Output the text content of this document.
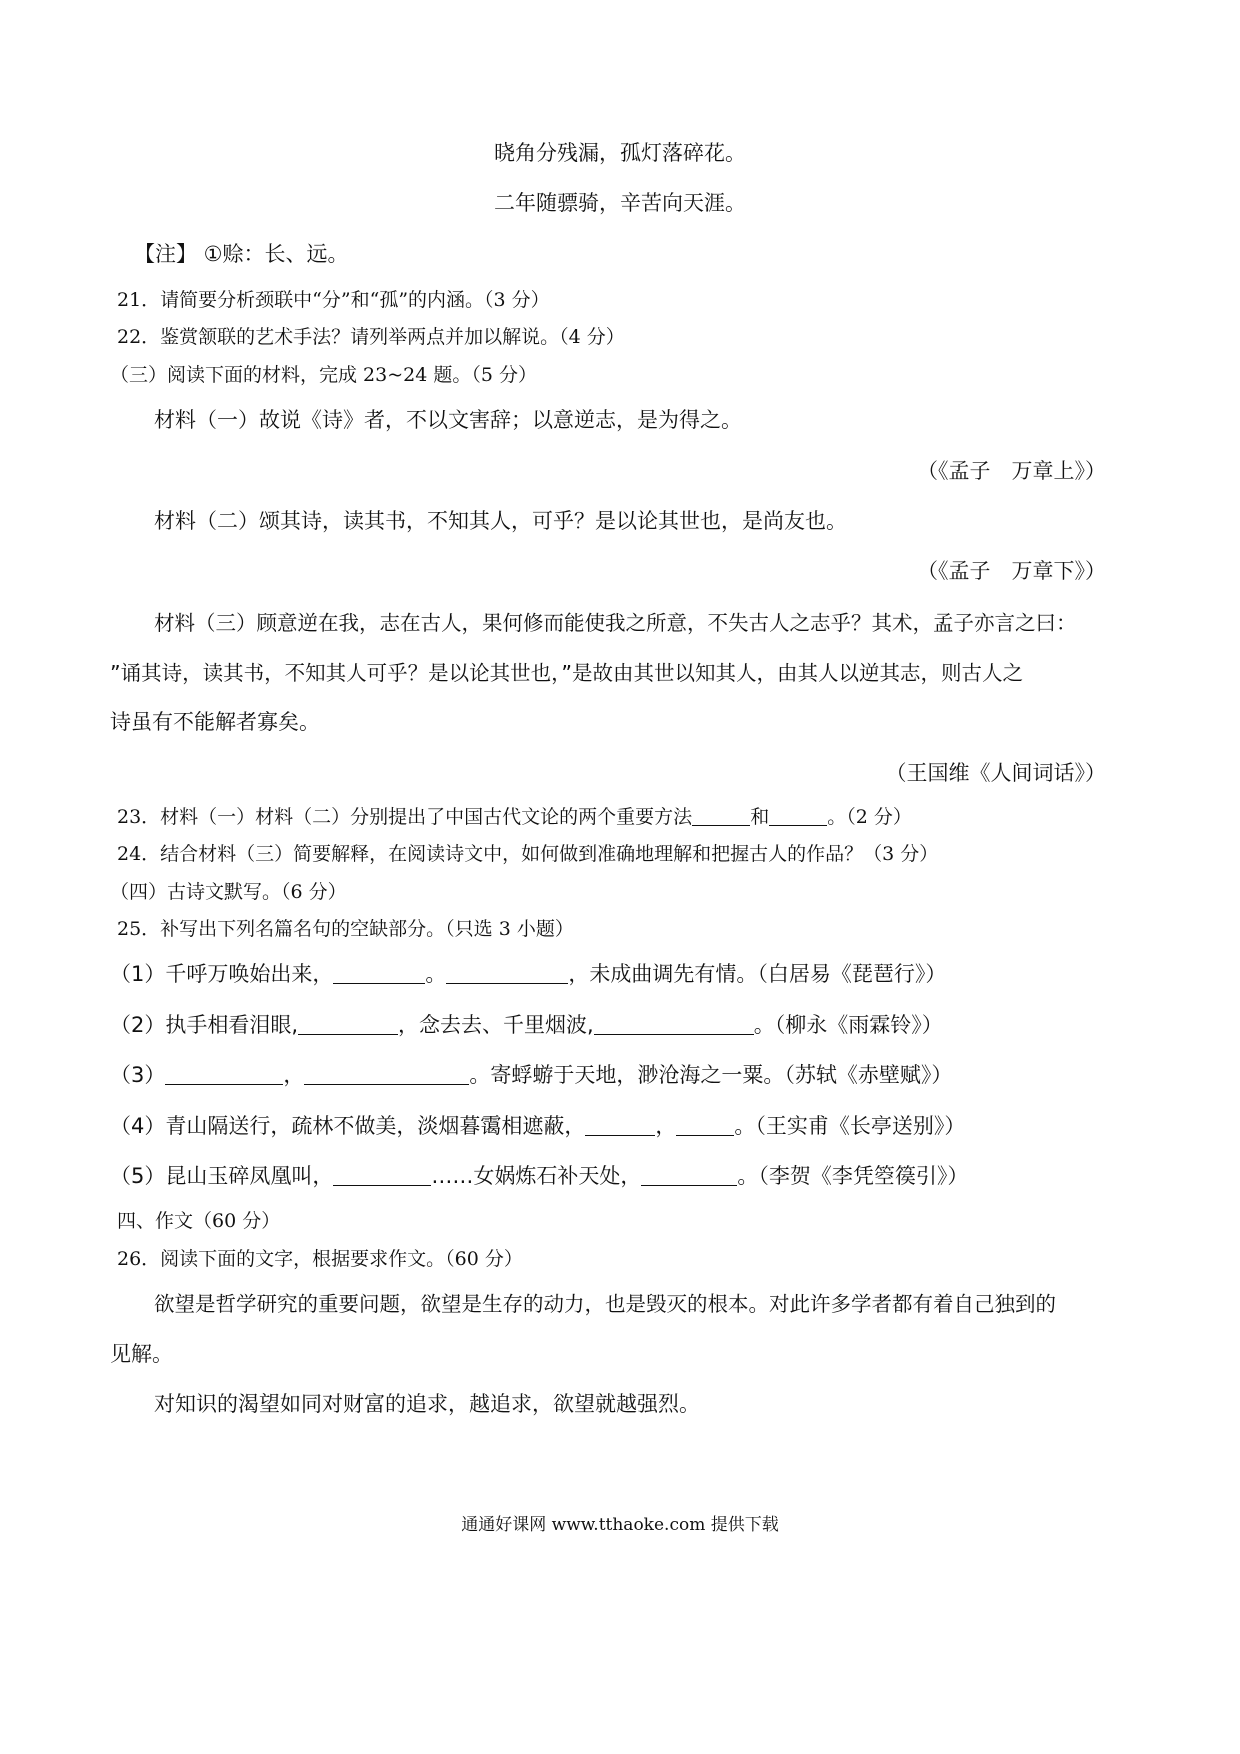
晓角分残漏，孤灯落碎花。
二年随骠骑，辛苦向天涯。
【注】 ①赊：长、远。
21．请简要分析颈联中“分”和“孤”的内涵。（3 分）
22．鉴赏颔联的艺术手法？请列举两点并加以解说。（4 分）
（三）阅读下面的材料，完成 23~24 题。（5 分）
材料（一）故说《诗》者，不以文害辞；以意逆志，是为得之。
（《孟子　万章上》）
材料（二）颂其诗，读其书，不知其人，可乎？是以论其世也，是尚友也。
（《孟子　万章下》）
材料（三）顾意逆在我，志在古人，果何修而能使我之所意，不失古人之志乎？其术，孟子亦言之曰：
”诵其诗，读其书，不知其人可乎？是以论其世也，”是故由其世以知其人，由其人以逆其志，则古人之
诗虽有不能解者寡矣。
（王国维《人间词话》）
23．材料（一）材料（二）分别提出了中国古代文论的两个重要方法	和	。（2 分）
24．结合材料（三）简要解释，在阅读诗文中，如何做到准确地理解和把握古人的作品？（3 分）
（四）古诗文默写。（6 分）
25．补写出下列名篇名句的空缺部分。（只选 3 小题）
（1）千呼万唤始出来，	。	，未成曲调先有情。（白居易《琵琶行》）
（2）执手相看泪眼,	，念去去、千里烟波,	。（柳永《雨霖铃》）
（3）	，	。寄蜉蝣于天地，渺沧海之一粟。（苏轼《赤壁赋》）
（4）青山隔送行，疏林不做美，淡烟暮霭相遮蔽，	，	。（王实甫《长亭送别》）
（5）昆山玉碎凤凰叫，	……女娲炼石补天处，	。（李贺《李凭箜篌引》）
四、作文（60 分）
26．阅读下面的文字，根据要求作文。（60 分）
欲望是哲学研究的重要问题，欲望是生存的动力，也是毁灭的根本。对此许多学者都有着自己独到的
见解。
对知识的渴望如同对财富的追求，越追求，欲望就越强烈。
通通好课网 www.tthaoke.com 提供下载
